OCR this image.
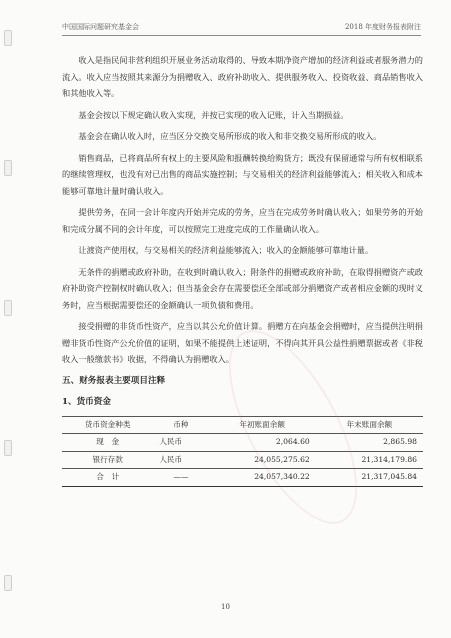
中国国际问题研究基金会	2018 年度财务报表附注

收入是指民间非营利组织开展业务活动取得的、导致本期净资产增加的经济利益或者服务潜力的流入。收入应当按照其来源分为捐赠收入、政府补助收入、提供服务收入、投资收益、商品销售收入和其他收入等。

基金会按以下规定确认收入实现，并按已实现的收入记账，计入当期损益。

基金会在确认收入时，应当区分交换交易所形成的收入和非交换交易所形成的收入。

销售商品，已将商品所有权上的主要风险和报酬转换给购货方；既没有保留通常与所有权相联系的继续管理权，也没有对已出售的商品实施控制；与交易相关的经济利益能够流入；相关收入和成本能够可靠地计量时确认收入。

提供劳务，在同一会计年度内开始并完成的劳务，应当在完成劳务时确认收入；如果劳务的开始和完成分属不同的会计年度，可以按照完工进度完成的工作量确认收入。

让渡资产使用权，与交易相关的经济利益能够流入；收入的金额能够可靠地计量。

无条件的捐赠或政府补助，在收到时确认收入；附条件的捐赠或政府补助，在取得捐赠资产或政府补助资产控制权时确认收入；但当基金会存在需要偿还全部或部分捐赠资产或者相应金额的现时义务时，应当根据需要偿还的金额确认一项负债和费用。

接受捐赠的非货币性资产，应当以其公允价值计算。捐赠方在向基金会捐赠时，应当提供注明捐赠非货币性资产公允价值的证明，如果不能提供上述证明，不得向其开具公益性捐赠票据或者《非税收入一般缴款书》收据，不得确认为捐赠收入。

五、财务报表主要项目注释

1、货币资金

货币资金种类	币种	年初账面余额	年末账面余额
现　金	人民币	2,064.60	2,865.98
银行存款	人民币	24,055,275.62	21,314,179.86
合　计	——	24,057,340.22	21,317,045.84
10
